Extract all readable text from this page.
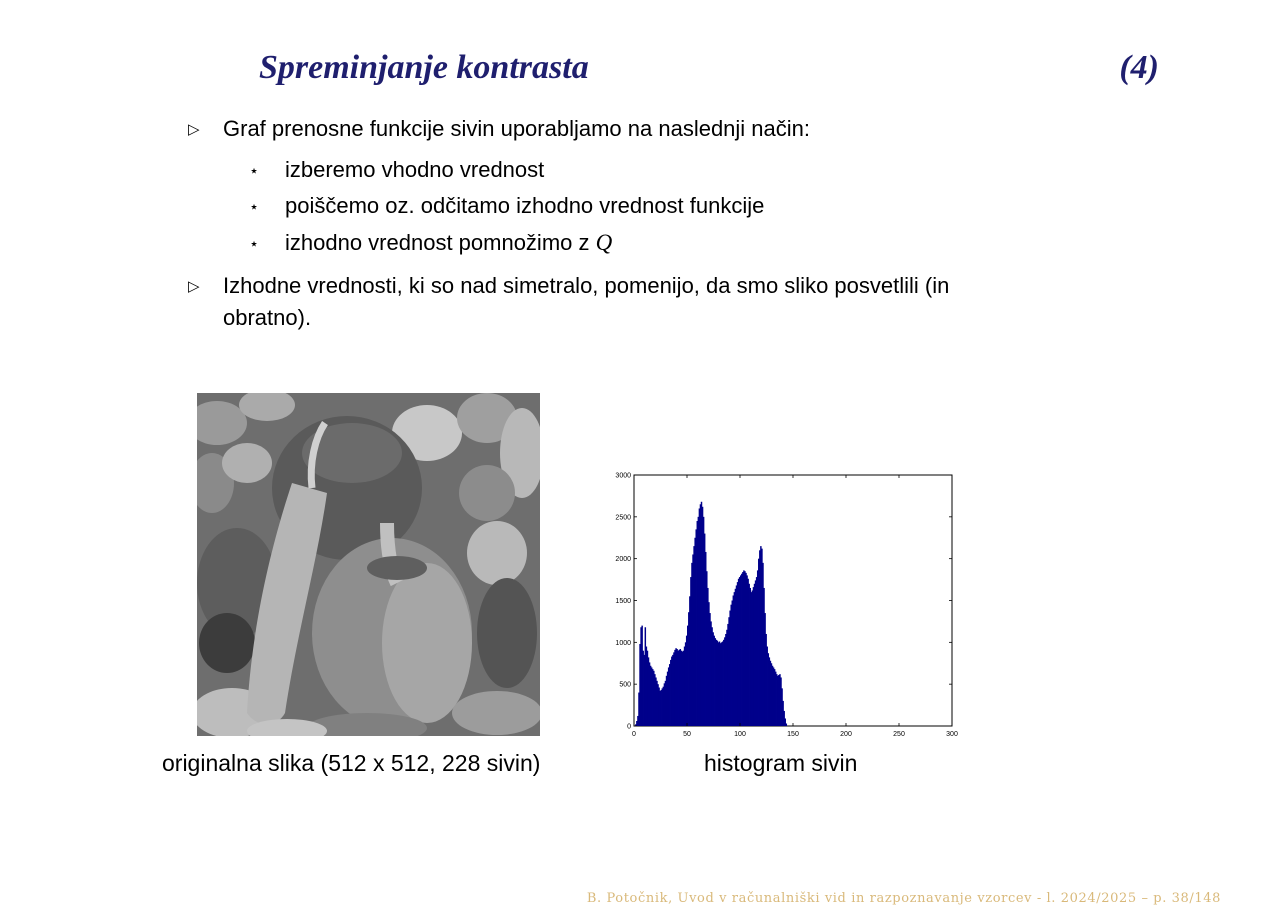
Spreminjanje kontrasta	(4)
▷ Graf prenosne funkcije sivin uporabljamo na naslednji način:
⋆ izberemo vhodno vrednost
⋆ poiščemo oz. odčitamo izhodno vrednost funkcije
⋆ izhodno vrednost pomnožimo z Q
▷ Izhodne vrednosti, ki so nad simetralo, pomenijo, da smo sliko posvetlili (in
obratno).
originalna slika (512 x 512, 228 sivin)
0	50	100	150	200	250	300
0
500
1000
1500
2000
2500
3000
histogram sivin
B. Potočnik, Uvod v računalniški vid in razpoznavanje vzorcev - l. 2024/2025 – p. 38/148
